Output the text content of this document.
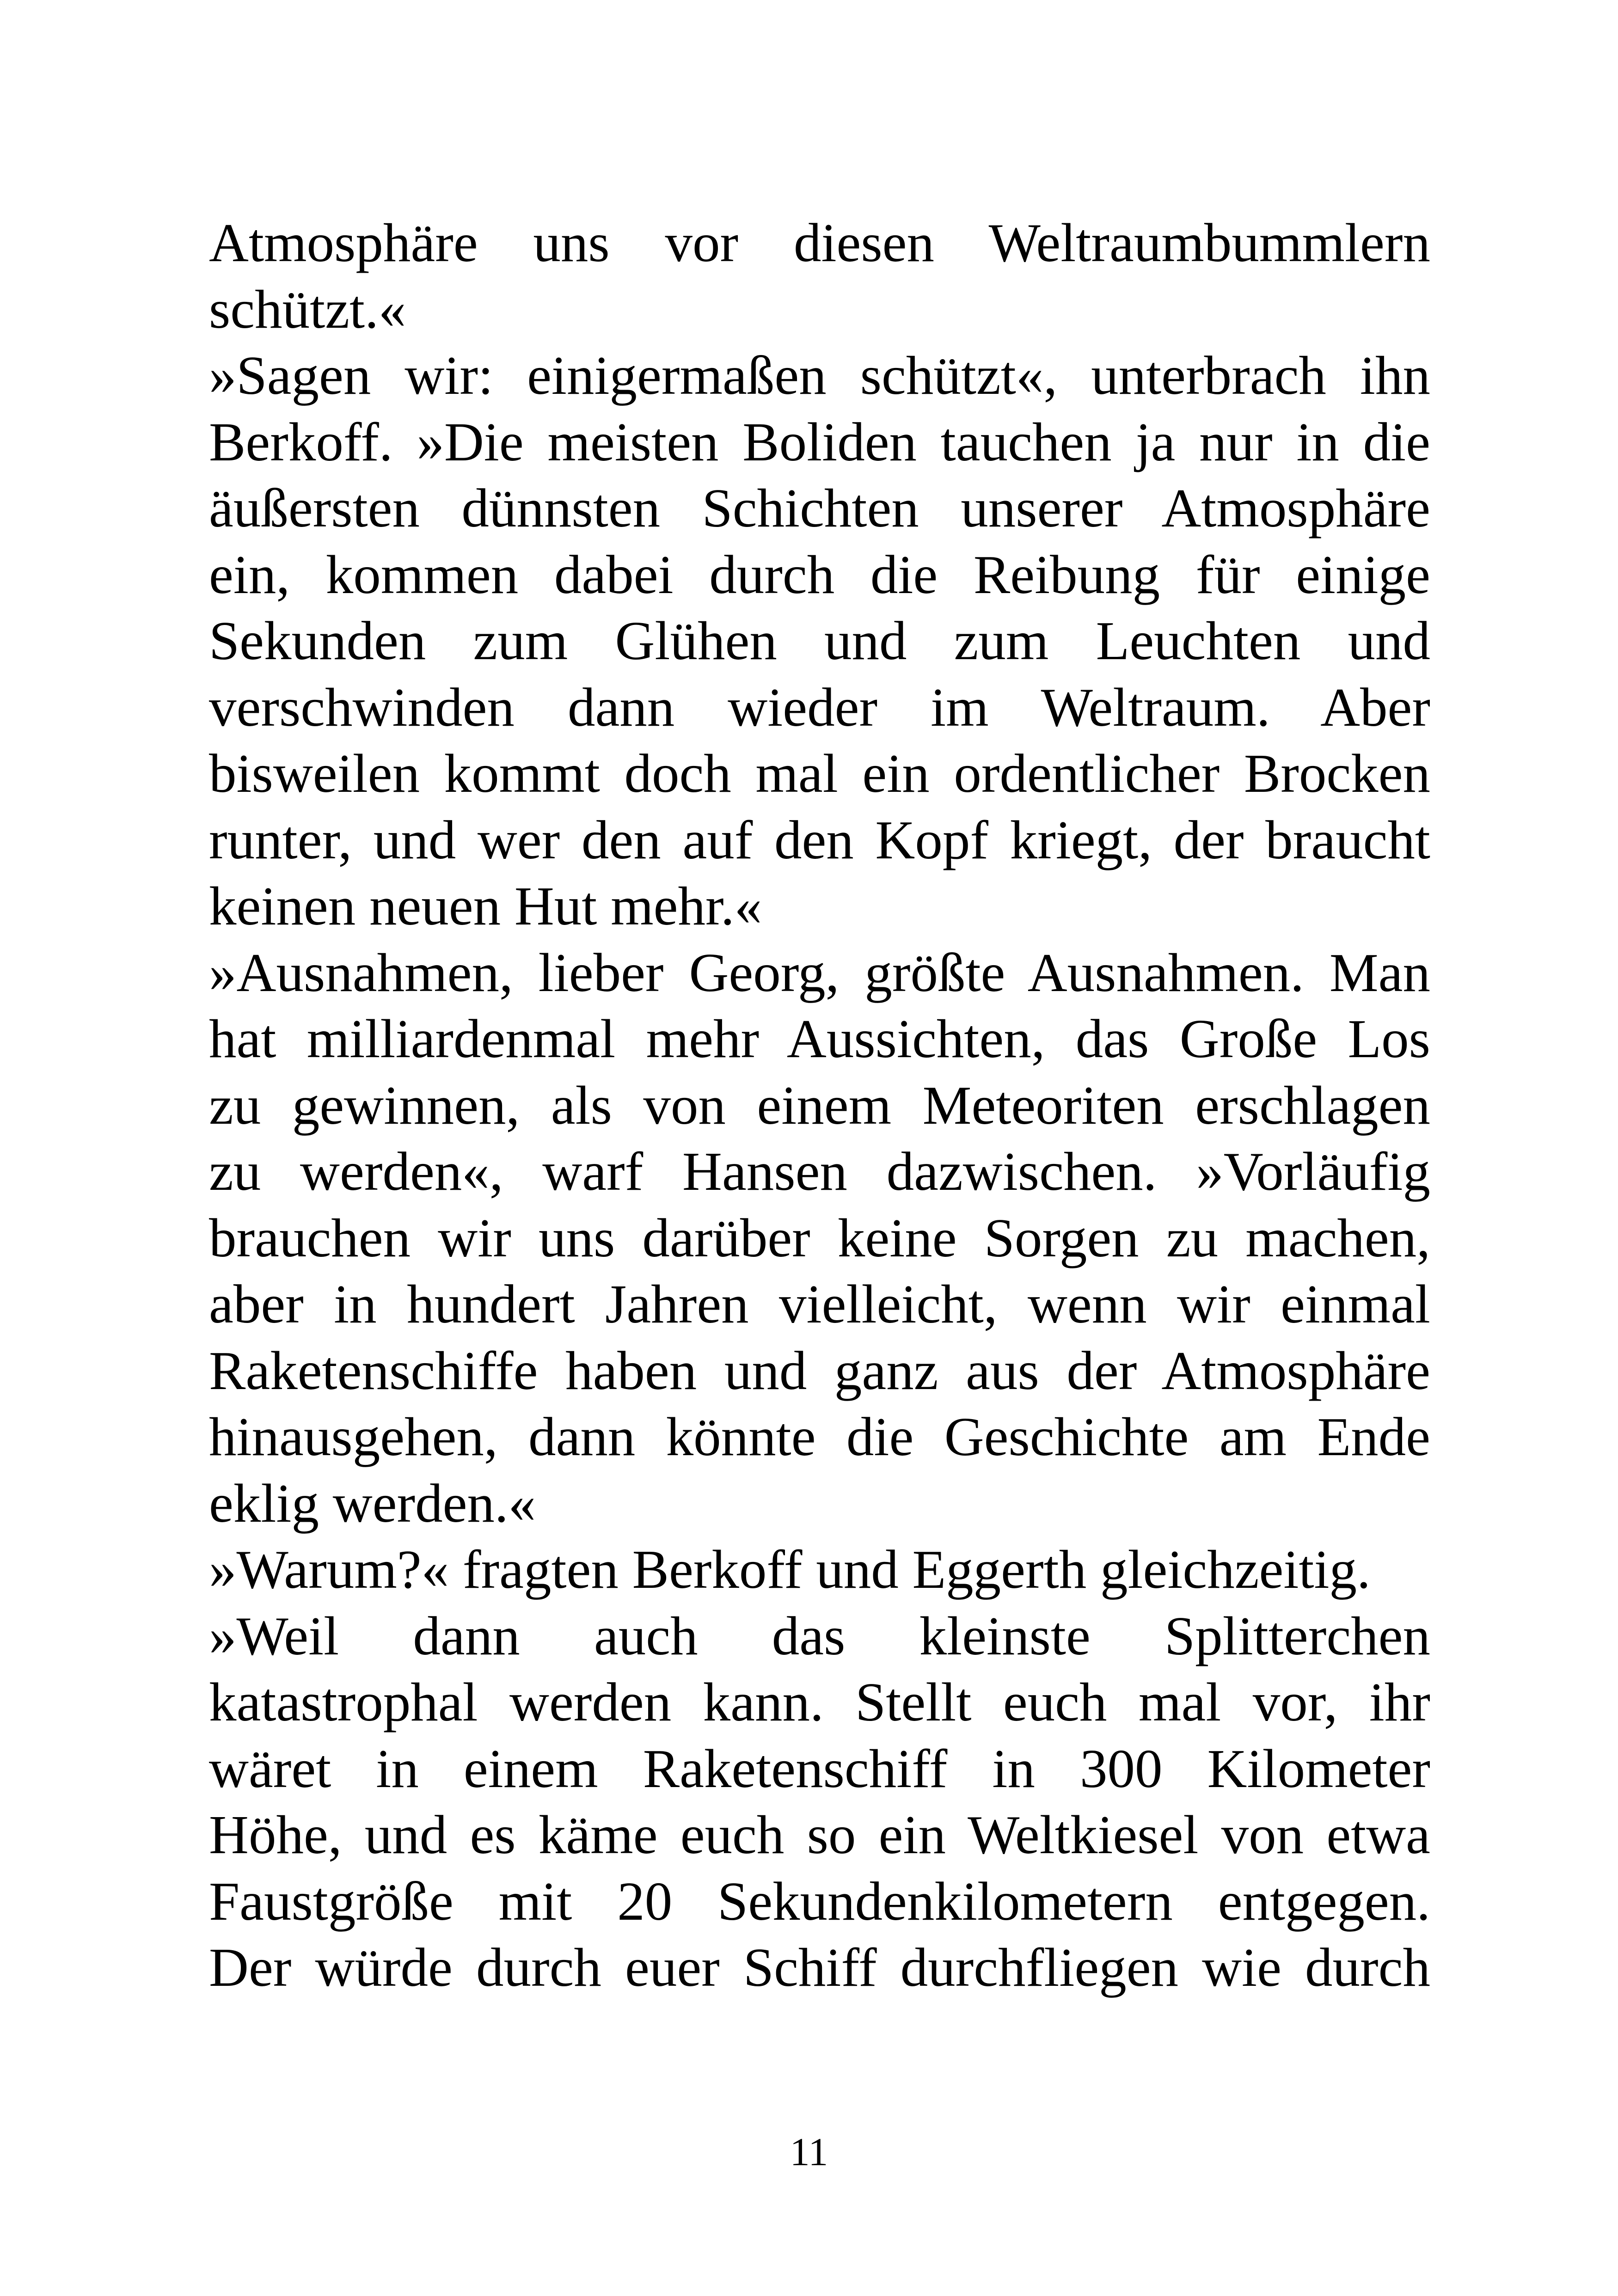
Atmosphäre uns vor diesen Weltraumbummlern
schützt.«
»Sagen wir: einigermaßen schützt«, unterbrach ihn
Berkoff. »Die meisten Boliden tauchen ja nur in die
äußersten dünnsten Schichten unserer Atmosphäre
ein, kommen dabei durch die Reibung für einige
Sekunden zum Glühen und zum Leuchten und
verschwinden dann wieder im Weltraum. Aber
bisweilen kommt doch mal ein ordentlicher Brocken
runter, und wer den auf den Kopf kriegt, der braucht
keinen neuen Hut mehr.«
»Ausnahmen, lieber Georg, größte Ausnahmen. Man
hat milliardenmal mehr Aussichten, das Große Los
zu gewinnen, als von einem Meteoriten erschlagen
zu werden«, warf Hansen dazwischen. »Vorläufig
brauchen wir uns darüber keine Sorgen zu machen,
aber in hundert Jahren vielleicht, wenn wir einmal
Raketenschiffe haben und ganz aus der Atmosphäre
hinausgehen, dann könnte die Geschichte am Ende
eklig werden.«
»Warum?« fragten Berkoff und Eggerth gleichzeitig.
»Weil dann auch das kleinste Splitterchen
katastrophal werden kann. Stellt euch mal vor, ihr
wäret in einem Raketenschiff in 300 Kilometer
Höhe, und es käme euch so ein Weltkiesel von etwa
Faustgröße mit 20 Sekundenkilometern entgegen.
Der würde durch euer Schiff durchfliegen wie durch
11
